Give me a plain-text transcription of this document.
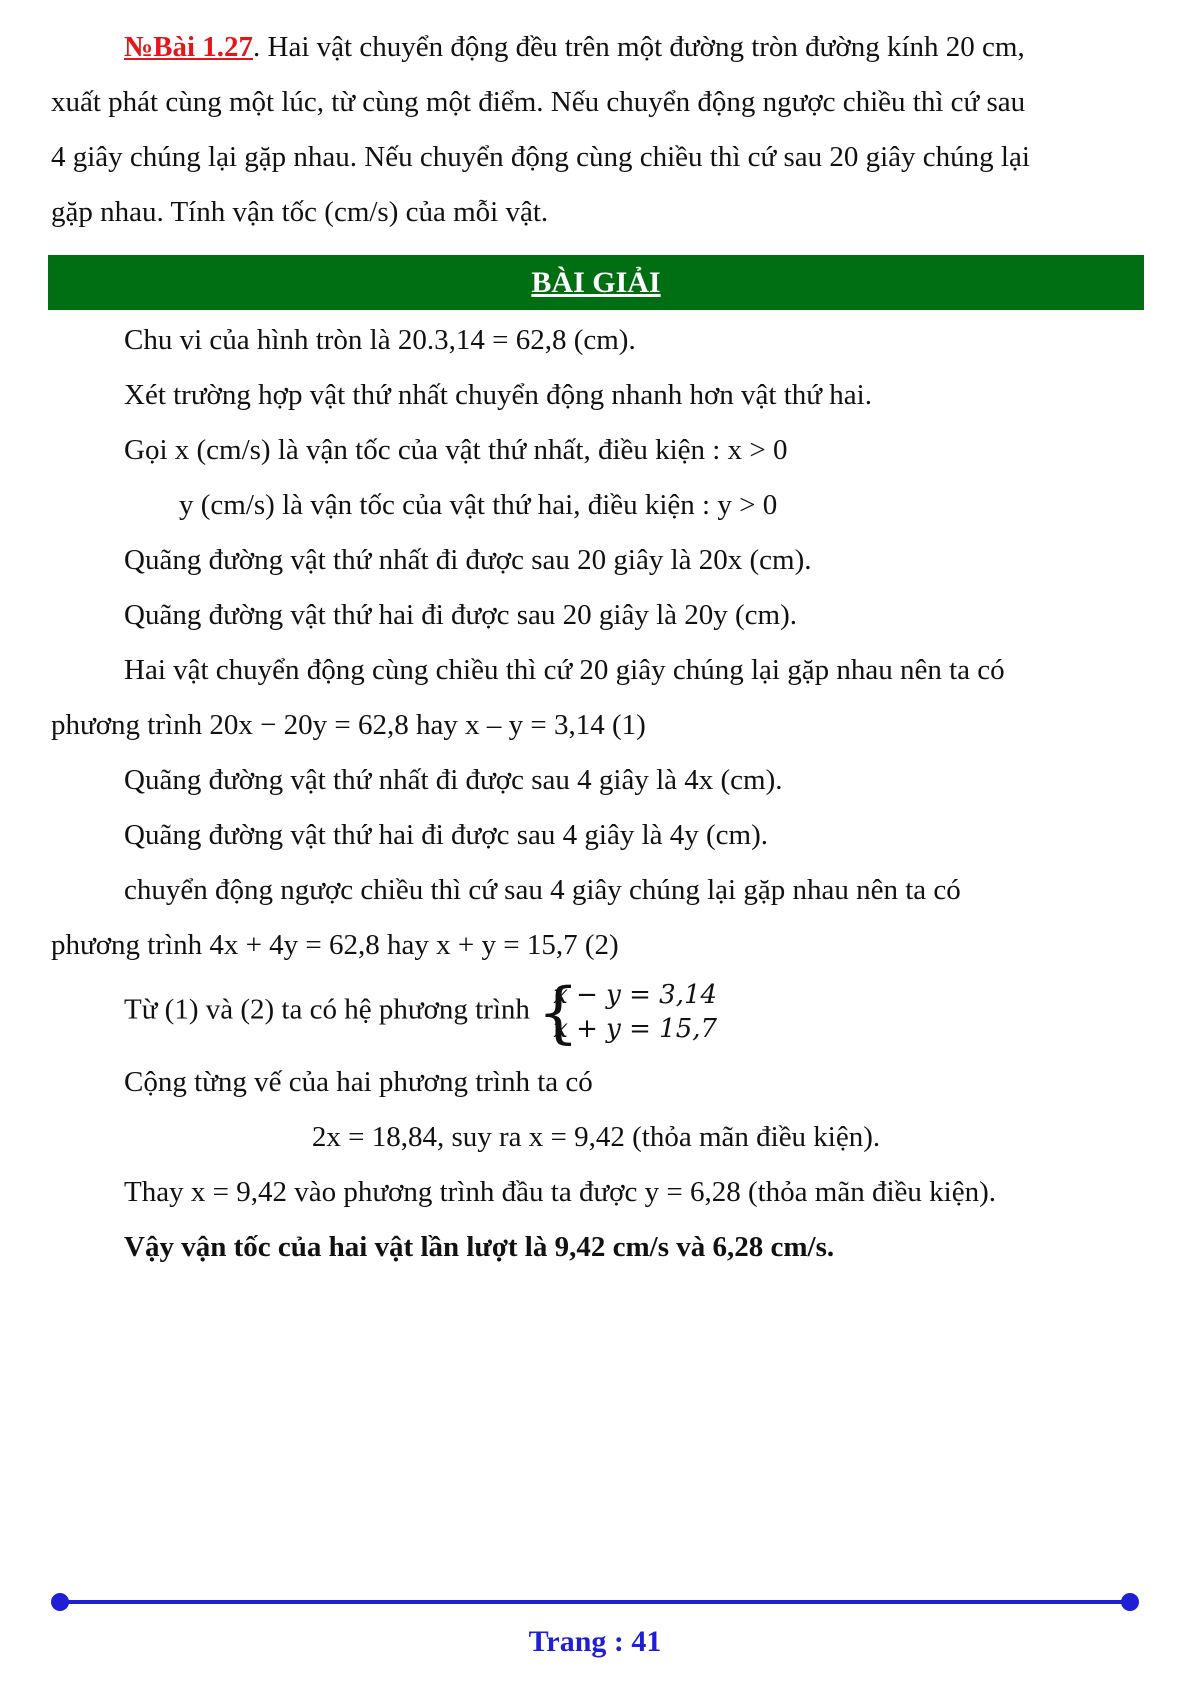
№Bài 1.27. Hai vật chuyển động đều trên một đường tròn đường kính 20 cm,
xuất phát cùng một lúc, từ cùng một điểm. Nếu chuyển động ngược chiều thì cứ sau
4 giây chúng lại gặp nhau. Nếu chuyển động cùng chiều thì cứ sau 20 giây chúng lại
gặp nhau. Tính vận tốc (cm/s) của mỗi vật.
BÀI GIẢI
Chu vi của hình tròn là 20.3,14 = 62,8 (cm).
Xét trường hợp vật thứ nhất chuyển động nhanh hơn vật thứ hai.
Gọi x (cm/s) là vận tốc của vật thứ nhất, điều kiện : x > 0
y (cm/s) là vận tốc của vật thứ hai, điều kiện : y > 0
Quãng đường vật thứ nhất đi được sau 20 giây là 20x (cm).
Quãng đường vật thứ hai đi được sau 20 giây là 20y (cm).
Hai vật chuyển động cùng chiều thì cứ 20 giây chúng lại gặp nhau nên ta có
phương trình 20x − 20y = 62,8 hay x – y = 3,14 (1)
Quãng đường vật thứ nhất đi được sau 4 giây là 4x (cm).
Quãng đường vật thứ hai đi được sau 4 giây là 4y (cm).
chuyển động ngược chiều thì cứ sau 4 giây chúng lại gặp nhau nên ta có
phương trình 4x + 4y = 62,8 hay x + y = 15,7 (2)
Từ (1) và (2) ta có hệ phương trình {
x − y = 3,14
x + y = 15,7
Cộng từng vế của hai phương trình ta có
2x = 18,84, suy ra x = 9,42 (thỏa mãn điều kiện).
Thay x = 9,42 vào phương trình đầu ta được y = 6,28 (thỏa mãn điều kiện).
Vậy vận tốc của hai vật lần lượt là 9,42 cm/s và 6,28 cm/s.
Trang : 41
